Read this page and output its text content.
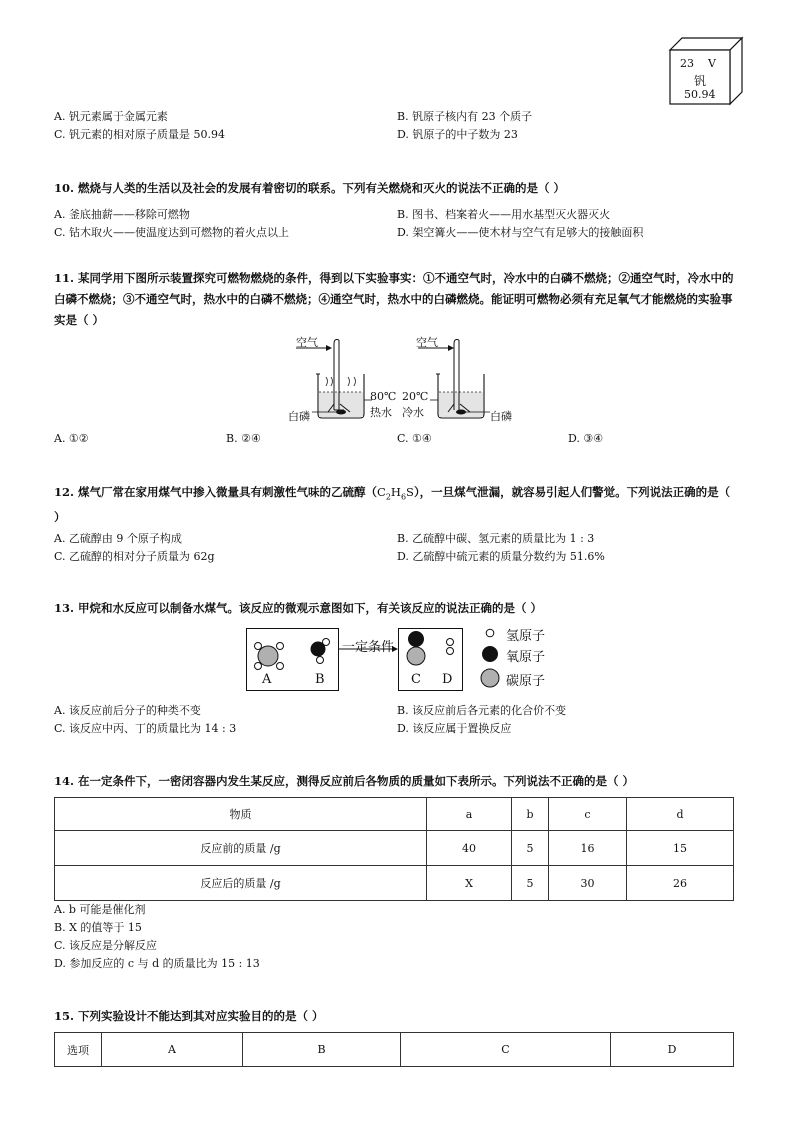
23 V
钒
50.94
A. 钒元素属于金属元素	B. 钒原子核内有 23 个质子
C. 钒元素的相对原子质量是 50.94	D. 钒原子的中子数为 23
10. 燃烧与人类的生活以及社会的发展有着密切的联系。下列有关燃烧和灭火的说法不正确的是（ ）
A. 釜底抽薪——移除可燃物	B. 图书、档案着火——用水基型灭火器灭火
C. 钻木取火——使温度达到可燃物的着火点以上	D. 架空篝火——使木材与空气有足够大的接触面积
11. 某同学用下图所示装置探究可燃物燃烧的条件，得到以下实验事实：①不通空气时，冷水中的白磷不燃烧；②通空气时，冷水中的白磷不燃烧；③不通空气时，热水中的白磷不燃烧；④通空气时，热水中的白磷燃烧。能证明可燃物必须有充足氧气才能燃烧的实验事实是（ ）
空气	空气
80℃
热水
20℃
冷水
白磷	白磷
A. ①②	B. ②④	C. ①④	D. ③④
12. 煤气厂常在家用煤气中掺入微量具有刺激性气味的乙硫醇$(C_2H_6S)$，一旦煤气泄漏，就容易引起人们警觉。下列说法正确的是（ ）
A. 乙硫醇由 9 个原子构成	B. 乙硫醇中碳、氢元素的质量比为 1 : 3
C. 乙硫醇的相对分子质量为 62g	D. 乙硫醇中硫元素的质量分数约为 51.6%
13. 甲烷和水反应可以制备水煤气。该反应的微观示意图如下，有关该反应的说法正确的是（ ）
一定条件
A	B	C D
氢原子
氧原子
碳原子
A. 该反应前后分子的种类不变	B. 该反应前后各元素的化合价不变
C. 该反应中丙、丁的质量比为 14 : 3	D. 该反应属于置换反应
14. 在一定条件下，一密闭容器内发生某反应，测得反应前后各物质的质量如下表所示。下列说法不正确的是（ ）
物质	a	b	c	d
反应前的质量 /g	40	5	16	15
反应后的质量 /g	X	5	30	26
A. b 可能是催化剂
B. X 的值等于 15
C. 该反应是分解反应
D. 参加反应的 c 与 d 的质量比为 15 : 13
15. 下列实验设计不能达到其对应实验目的的是（ ）
选项	A	B	C	D
